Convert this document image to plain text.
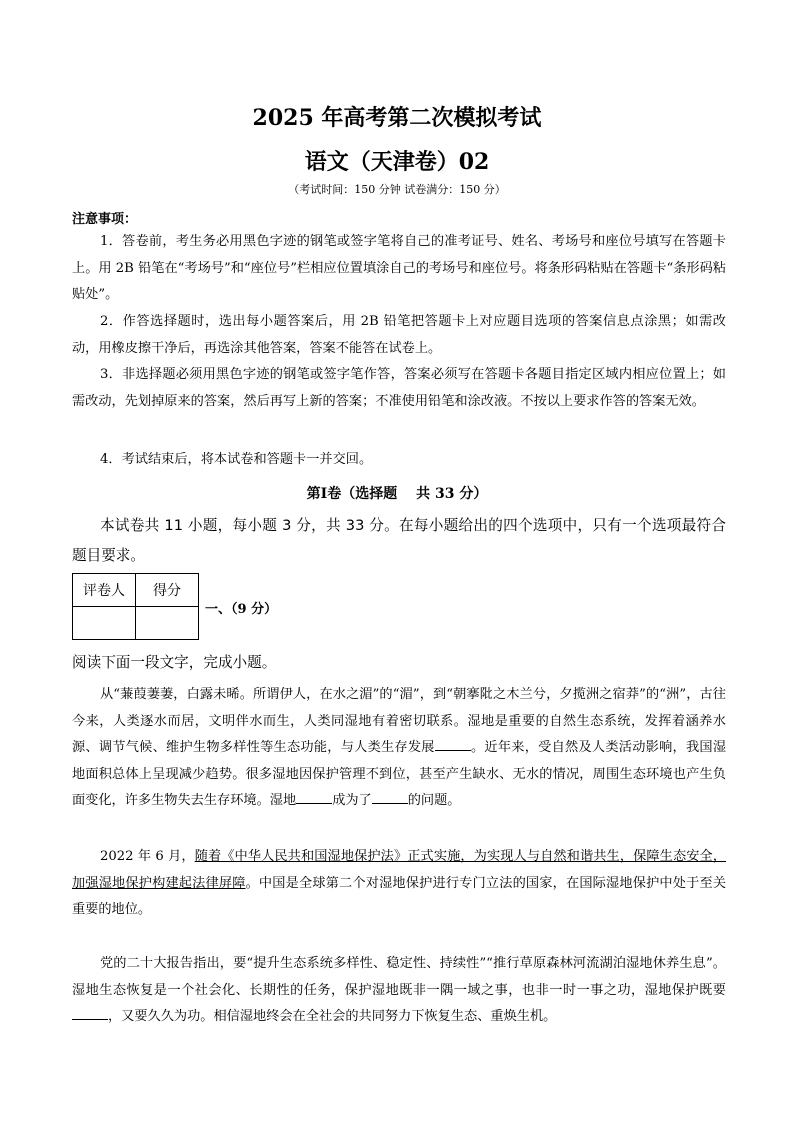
2025 年高考第二次模拟考试
语文（天津卷）02
（考试时间：150 分钟 试卷满分：150 分）
注意事项：
1．答卷前，考生务必用黑色字迹的钢笔或签字笔将自己的准考证号、姓名、考场号和座位号填写在答题卡上。用 2B 铅笔在“考场号”和“座位号”栏相应位置填涂自己的考场号和座位号。将条形码粘贴在答题卡“条形码粘贴处”。
2．作答选择题时，选出每小题答案后，用 2B 铅笔把答题卡上对应题目选项的答案信息点涂黑；如需改动，用橡皮擦干净后，再选涂其他答案，答案不能答在试卷上。
3．非选择题必须用黑色字迹的钢笔或签字笔作答，答案必须写在答题卡各题目指定区域内相应位置上；如需改动，先划掉原来的答案，然后再写上新的答案；不准使用铅笔和涂改液。不按以上要求作答的答案无效。
4．考试结束后，将本试卷和答题卡一并交回。
第Ⅰ卷（选择题　 共 33 分）
本试卷共 11 小题，每小题 3 分，共 33 分。在每小题给出的四个选项中，只有一个选项最符合题目要求。
评卷人	得分

一、（9 分）
阅读下面一段文字，完成小题。
从“蒹葭萋萋，白露未晞。所谓伊人，在水之湄”的“湄”，到“朝搴阰之木兰兮，夕揽洲之宿莽”的“洲”，古往今来，人类逐水而居，文明伴水而生，人类同湿地有着密切联系。湿地是重要的自然生态系统，发挥着涵养水源、调节气候、维护生物多样性等生态功能，与人类生存发展	。近年来，受自然及人类活动影响，我国湿地面积总体上呈现减少趋势。很多湿地因保护管理不到位，甚至产生缺水、无水的情况，周围生态环境也产生负面变化，许多生物失去生存环境。湿地	成为了	的问题。
2022 年 6 月，随着《中华人民共和国湿地保护法》正式实施，为实现人与自然和谐共生，保障生态安全，加强湿地保护构建起法律屏障。中国是全球第二个对湿地保护进行专门立法的国家，在国际湿地保护中处于至关重要的地位。
党的二十大报告指出，要“提升生态系统多样性、稳定性、持续性”“推行草原森林河流湖泊湿地休养生息”。湿地生态恢复是一个社会化、长期性的任务，保护湿地既非一隅一域之事，也非一时一事之功，湿地保护既要，又要久久为功。相信湿地终会在全社会的共同努力下恢复生态、重焕生机。
